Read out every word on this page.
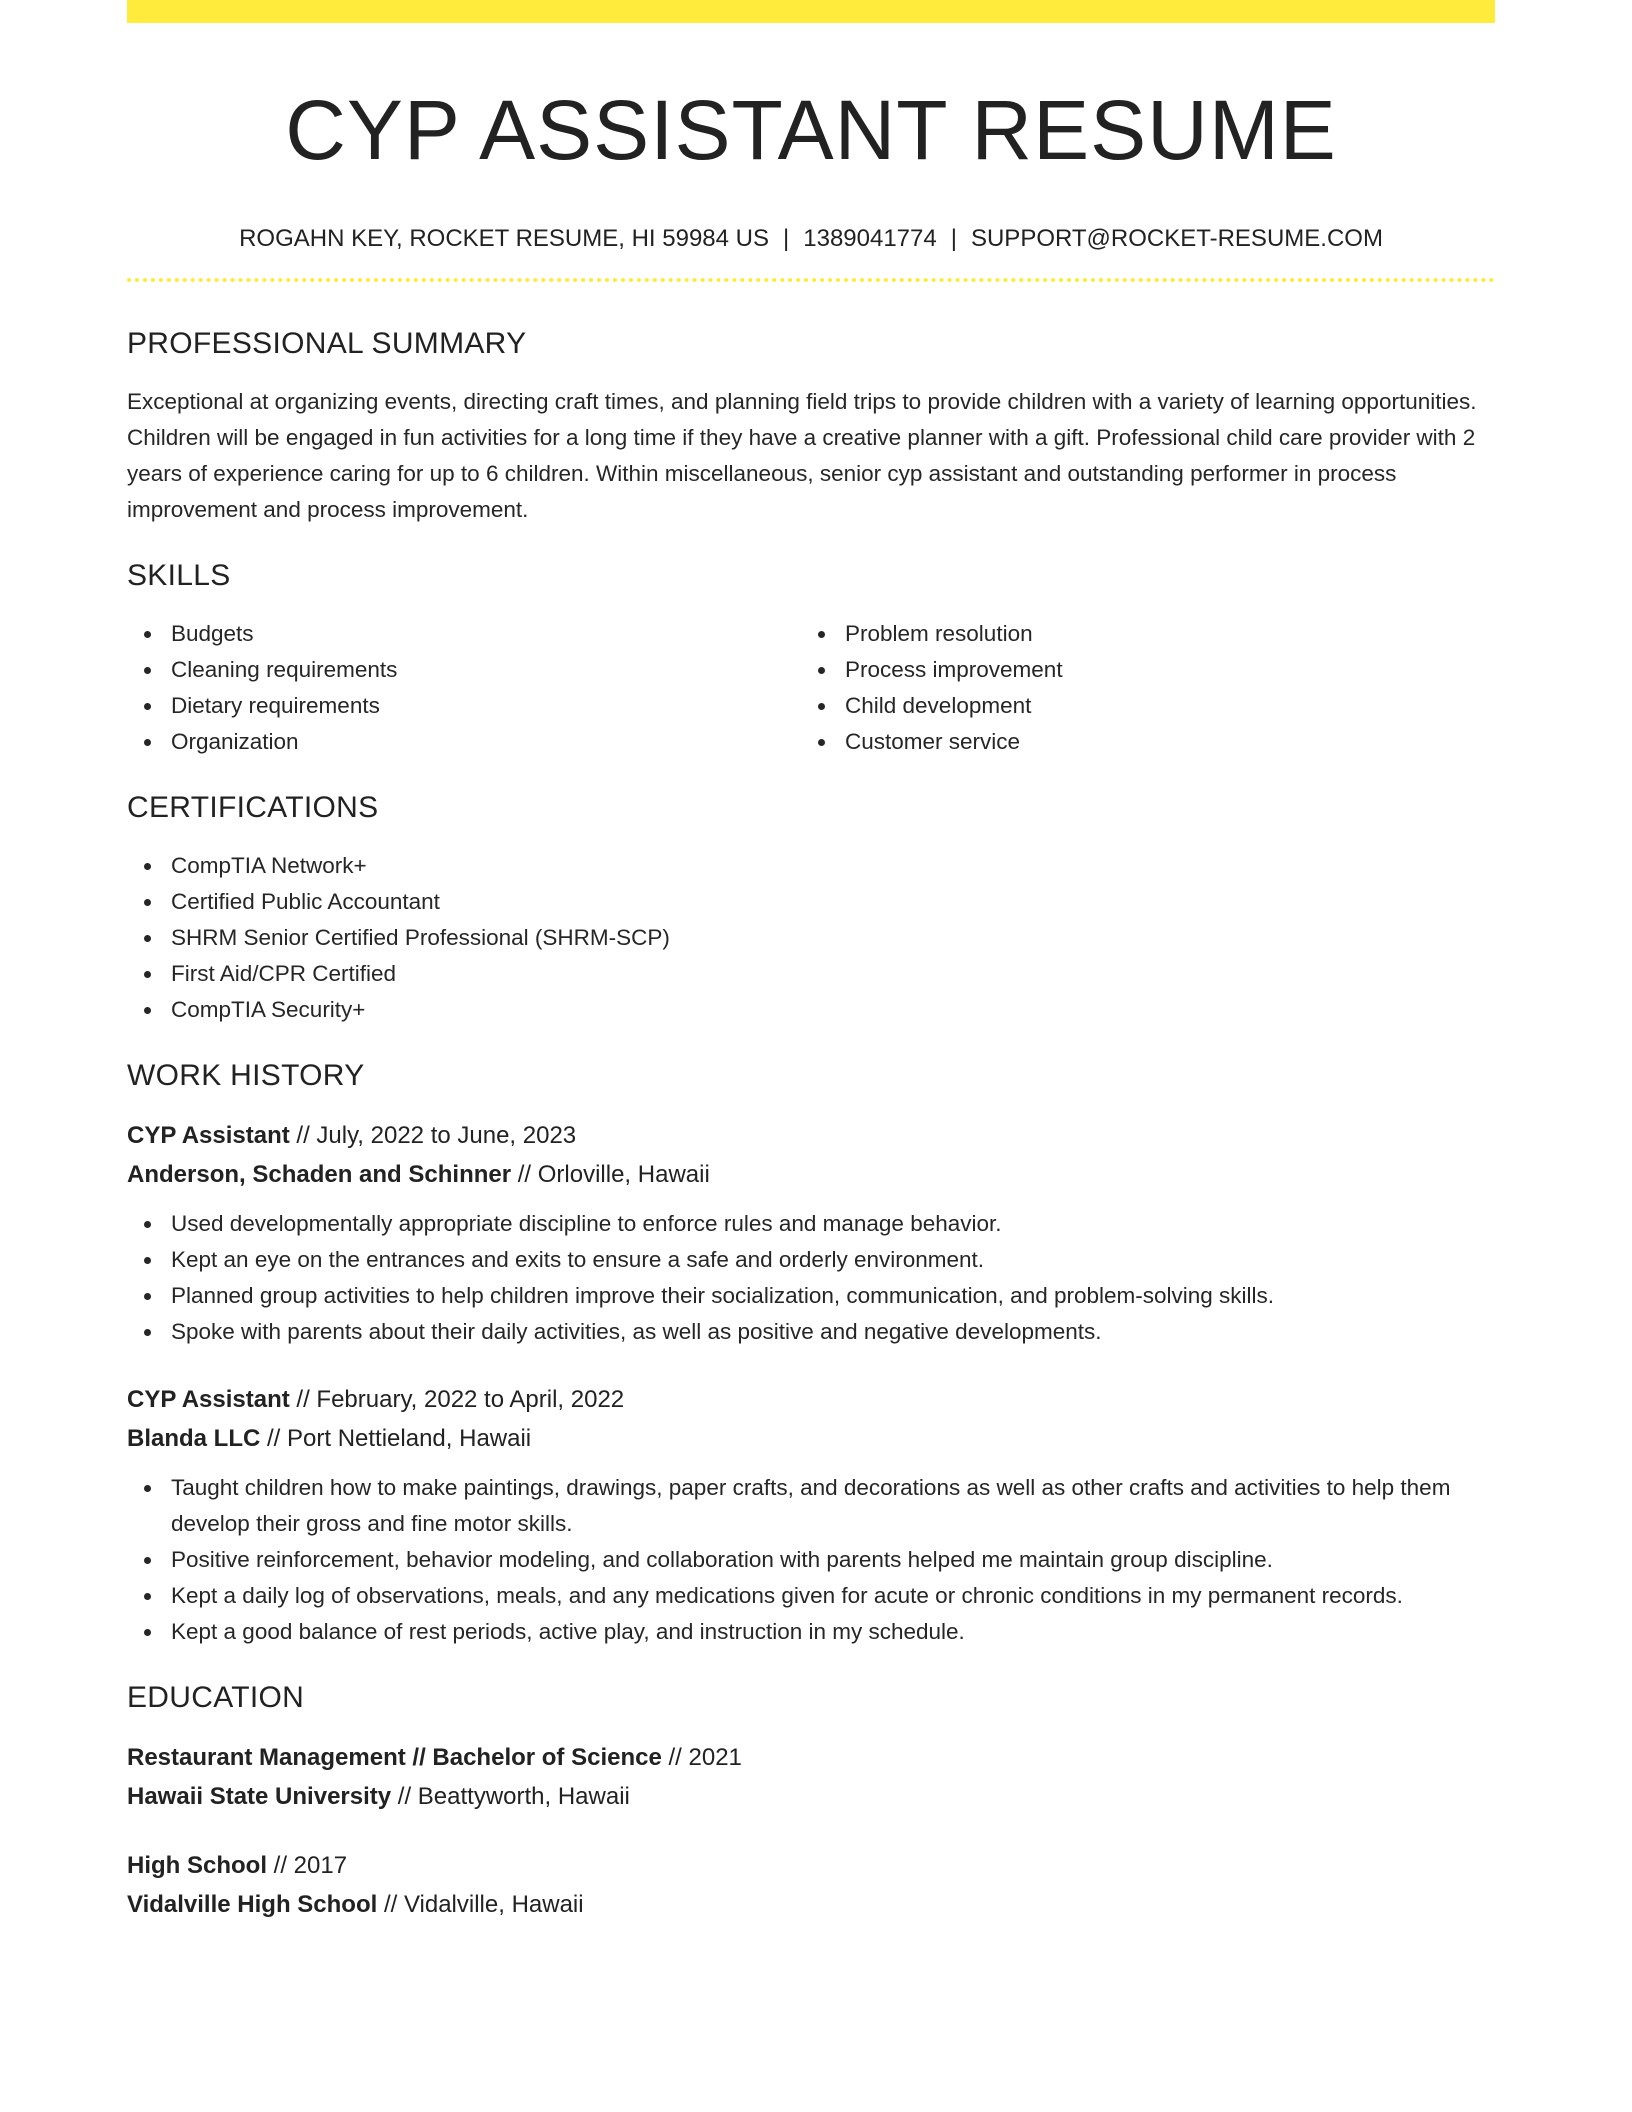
CYP ASSISTANT RESUME
ROGAHN KEY, ROCKET RESUME, HI 59984 US | 1389041774 | SUPPORT@ROCKET-RESUME.COM
PROFESSIONAL SUMMARY

Exceptional at organizing events, directing craft times, and planning field trips to provide children with a variety of learning opportunities. Children will be engaged in fun activities for a long time if they have a creative planner with a gift. Professional child care provider with 2 years of experience caring for up to 6 children. Within miscellaneous, senior cyp assistant and outstanding performer in process improvement and process improvement.

SKILLS
Budgets
Cleaning requirements
Dietary requirements
Organization
Problem resolution
Process improvement
Child development
Customer service
CERTIFICATIONS
CompTIA Network+
Certified Public Accountant
SHRM Senior Certified Professional (SHRM-SCP)
First Aid/CPR Certified
CompTIA Security+
WORK HISTORY
CYP Assistant // July, 2022 to June, 2023
Anderson, Schaden and Schinner // Orloville, Hawaii
Used developmentally appropriate discipline to enforce rules and manage behavior.
Kept an eye on the entrances and exits to ensure a safe and orderly environment.
Planned group activities to help children improve their socialization, communication, and problem-solving skills.
Spoke with parents about their daily activities, as well as positive and negative developments.
CYP Assistant // February, 2022 to April, 2022
Blanda LLC // Port Nettieland, Hawaii
Taught children how to make paintings, drawings, paper crafts, and decorations as well as other crafts and activities to help them develop their gross and fine motor skills.
Positive reinforcement, behavior modeling, and collaboration with parents helped me maintain group discipline.
Kept a daily log of observations, meals, and any medications given for acute or chronic conditions in my permanent records.
Kept a good balance of rest periods, active play, and instruction in my schedule.
EDUCATION
Restaurant Management // Bachelor of Science // 2021
Hawaii State University // Beattyworth, Hawaii
High School // 2017
Vidalville High School // Vidalville, Hawaii
